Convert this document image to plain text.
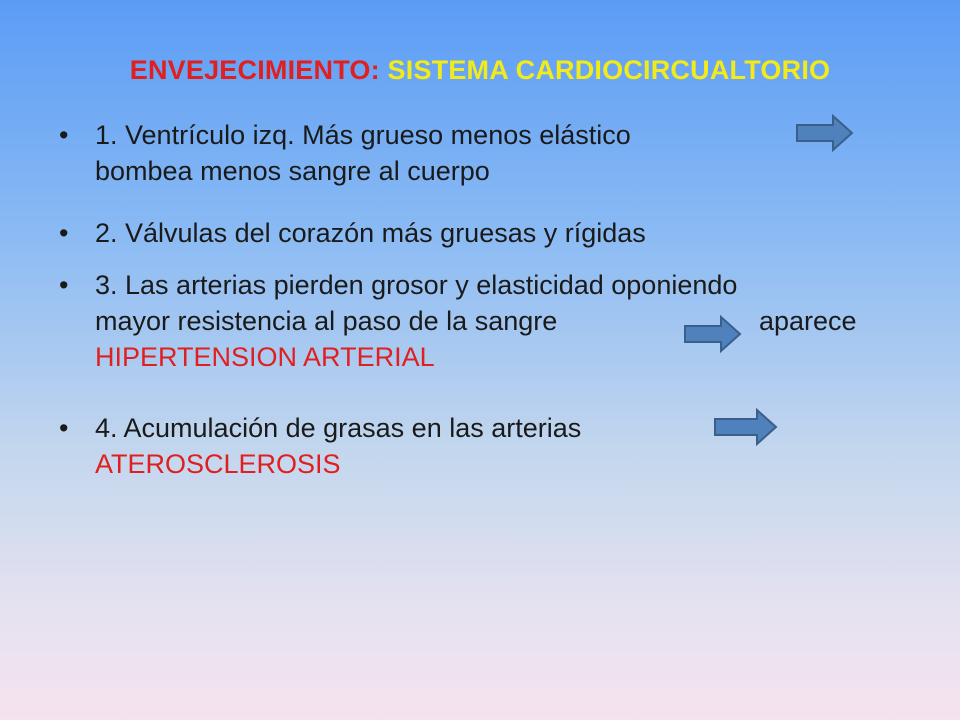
ENVEJECIMIENTO: SISTEMA CARDIOCIRCUALTORIO
• 1. Ventrículo izq. Más grueso menos elástico
bombea menos sangre al cuerpo
• 2. Válvulas del corazón más gruesas y rígidas
• 3. Las arterias pierden grosor y elasticidad oponiendo
mayor resistencia al paso de la sangre	aparece
HIPERTENSION ARTERIAL
• 4. Acumulación de grasas en las arterias
ATEROSCLEROSIS
